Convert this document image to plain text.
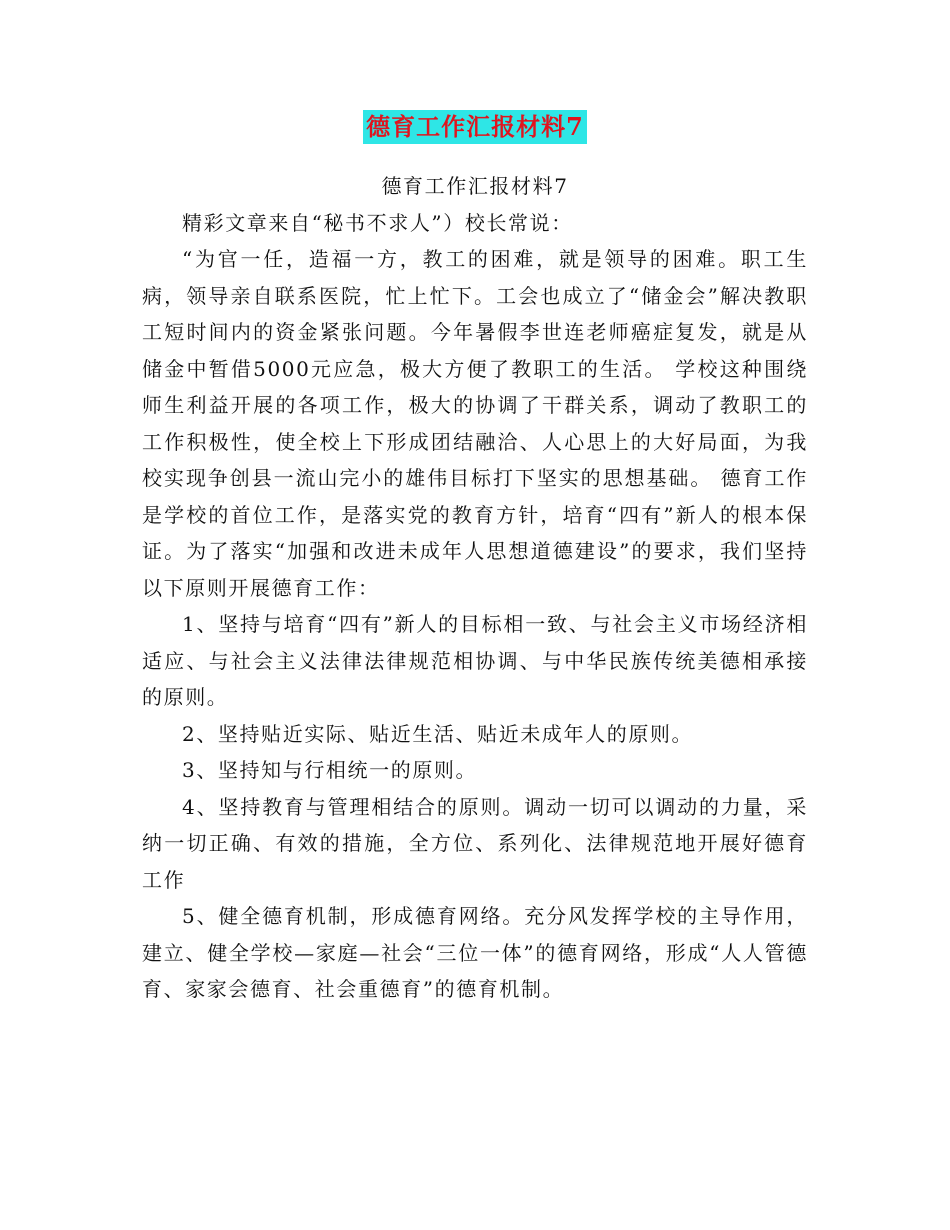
德育工作汇报材料7

德育工作汇报材料7

精彩文章来自“秘书不求人”）校长常说：

“为官一任，造福一方，教工的困难，就是领导的困难。职工生病，领导亲自联系医院，忙上忙下。工会也成立了“储金会”解决教职工短时间内的资金紧张问题。今年暑假李世连老师癌症复发，就是从储金中暂借5000元应急，极大方便了教职工的生活。 学校这种围绕师生利益开展的各项工作，极大的协调了干群关系，调动了教职工的工作积极性，使全校上下形成团结融洽、人心思上的大好局面，为我校实现争创县一流山完小的雄伟目标打下坚实的思想基础。 德育工作是学校的首位工作，是落实党的教育方针，培育“四有”新人的根本保证。为了落实“加强和改进未成年人思想道德建设”的要求，我们坚持以下原则开展德育工作：

1、坚持与培育“四有”新人的目标相一致、与社会主义市场经济相适应、与社会主义法律法律规范相协调、与中华民族传统美德相承接的原则。

2、坚持贴近实际、贴近生活、贴近未成年人的原则。

3、坚持知与行相统一的原则。

4、坚持教育与管理相结合的原则。调动一切可以调动的力量，采纳一切正确、有效的措施，全方位、系列化、法律规范地开展好德育工作

5、健全德育机制，形成德育网络。充分风发挥学校的主导作用，建立、健全学校—家庭—社会“三位一体”的德育网络，形成“人人管德育、家家会德育、社会重德育”的德育机制。
